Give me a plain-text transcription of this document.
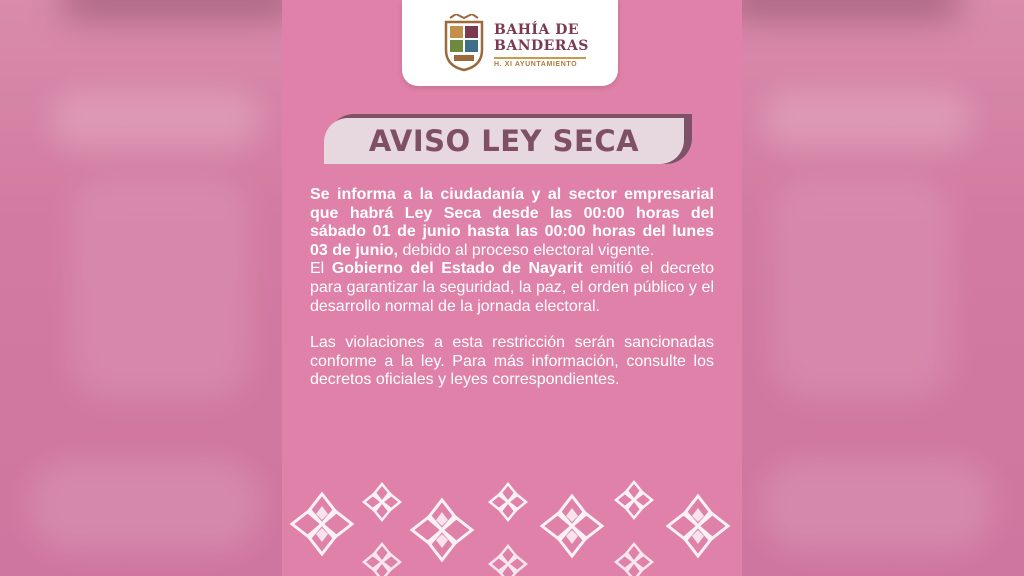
BAHÍA DE
BANDERAS
H. XI AYUNTAMIENTO
AVISO LEY SECA

Se informa a la ciudadanía y al sector empresarial que habrá Ley Seca desde las 00:00 horas del sábado 01 de junio hasta las 00:00 horas del lunes 03 de junio, debido al proceso electoral vigente.

El Gobierno del Estado de Nayarit emitió el decreto para garantizar la seguridad, la paz, el orden público y el desarrollo normal de la jornada electoral.

Las violaciones a esta restricción serán sancionadas conforme a la ley. Para más información, consulte los decretos oficiales y leyes correspondientes.
